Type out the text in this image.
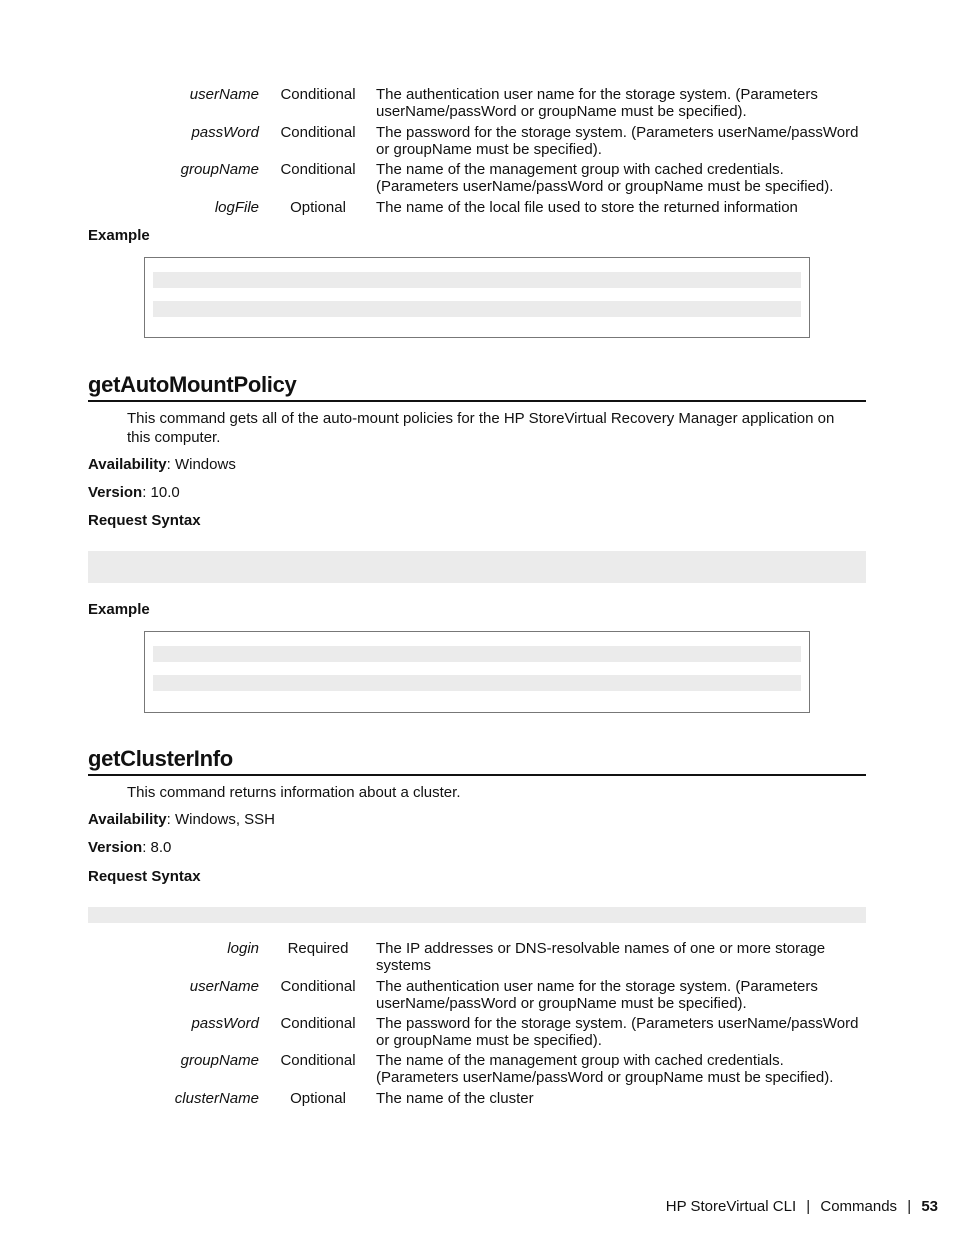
userName	Conditional	The authentication user name for the storage system. (Parameters
userName/passWord or groupName must be specified).
passWord	Conditional	The password for the storage system. (Parameters userName/passWord
or groupName must be specified).
groupName	Conditional	The name of the management group with cached credentials.
(Parameters userName/passWord or groupName must be specified).
logFile	Optional	The name of the local file used to store the returned information
Example
getAutoMountPolicy
This command gets all of the auto-mount policies for the HP StoreVirtual Recovery Manager application on
this computer.
Availability: Windows
Version: 10.0
Request Syntax
Example
getClusterInfo
This command returns information about a cluster.
Availability: Windows, SSH
Version: 8.0
Request Syntax
login	Required	The IP addresses or DNS-resolvable names of one or more storage
systems
userName	Conditional	The authentication user name for the storage system. (Parameters
userName/passWord or groupName must be specified).
passWord	Conditional	The password for the storage system. (Parameters userName/passWord
or groupName must be specified).
groupName	Conditional	The name of the management group with cached credentials.
(Parameters userName/passWord or groupName must be specified).
clusterName	Optional	The name of the cluster
HP StoreVirtual CLI | Commands | 53
